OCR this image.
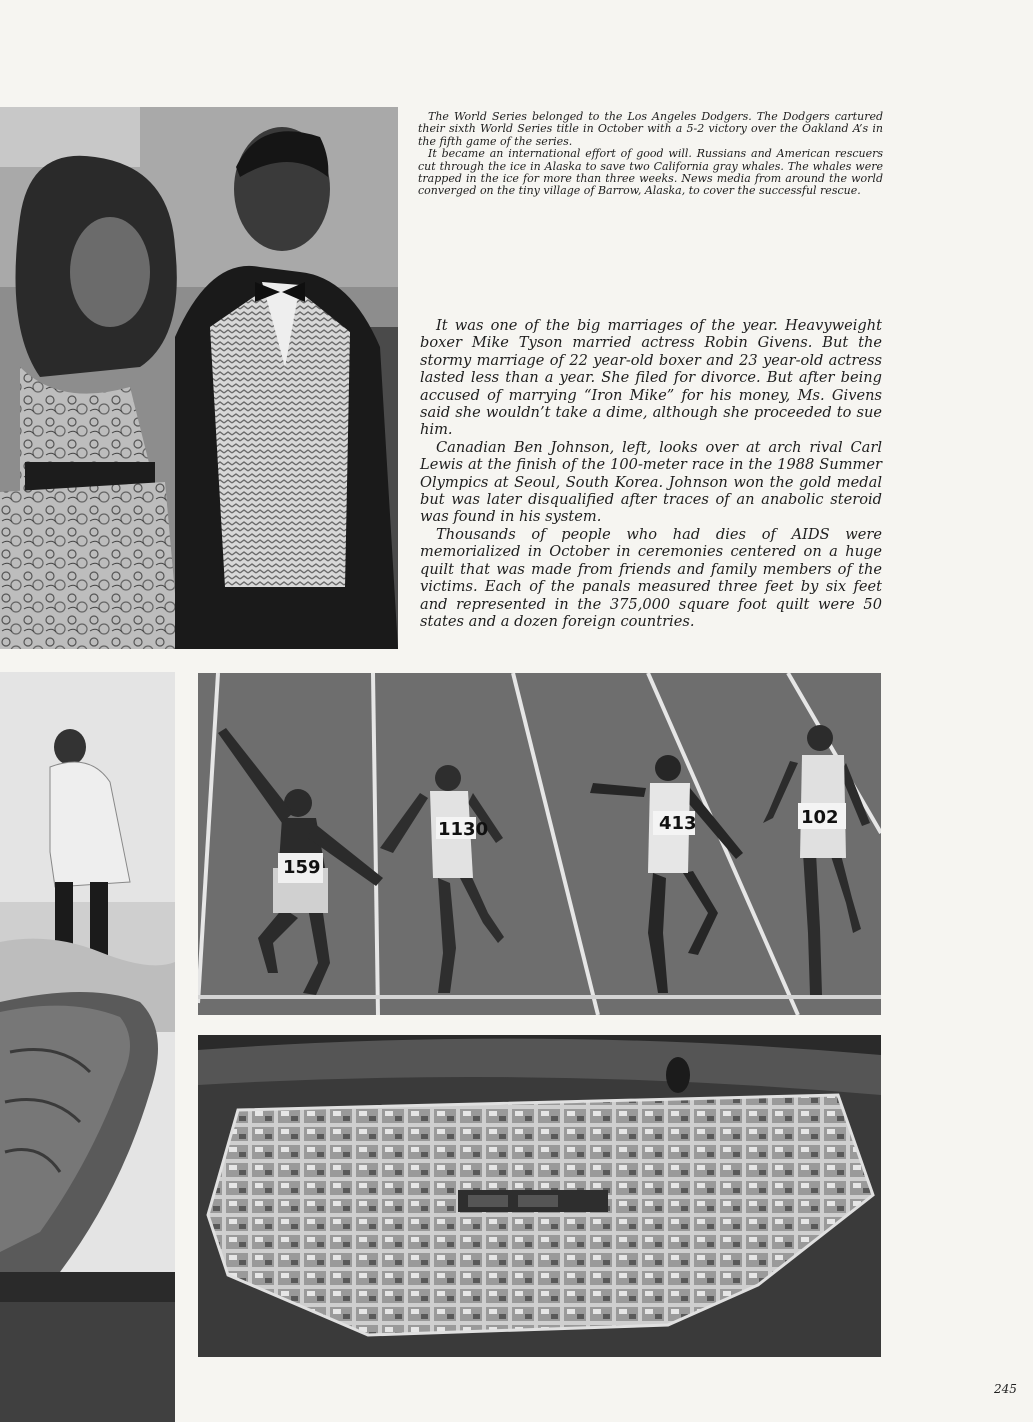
The World Series belonged to the Los Angeles Dodgers. The Dodgers cartured their sixth World Series title in October with a 5-2 victory over the Oakland A’s in the fifth game of the series.

It became an international effort of good will. Russians and American rescuers cut through the ice in Alaska to save two California gray whales. The whales were trapped in the ice for more than three weeks. News media from around the world converged on the tiny village of Barrow, Alaska, to cover the successful rescue.

It was one of the big marriages of the year. Heavyweight boxer Mike Tyson married actress Robin Givens. But the stormy marriage of 22 year-old boxer and 23 year-old actress lasted less than a year. She filed for divorce. But after being accused of marrying “Iron Mike” for his money, Ms. Givens said she wouldn’t take a dime, although she proceeded to sue him.

Canadian Ben Johnson, left, looks over at arch rival Carl Lewis at the finish of the 100-meter race in the 1988 Summer Olympics at Seoul, South Korea. Johnson won the gold medal but was later disqualified after traces of an anabolic steroid was found in his system.

Thousands of people who had dies of AIDS were memorialized in October in ceremonies centered on a huge quilt that was made from friends and family members of the victims. Each of the panals measured three feet by six feet and represented in the 375,000 square foot quilt were 50 states and a dozen foreign countries.

159
1130	413	102
245
